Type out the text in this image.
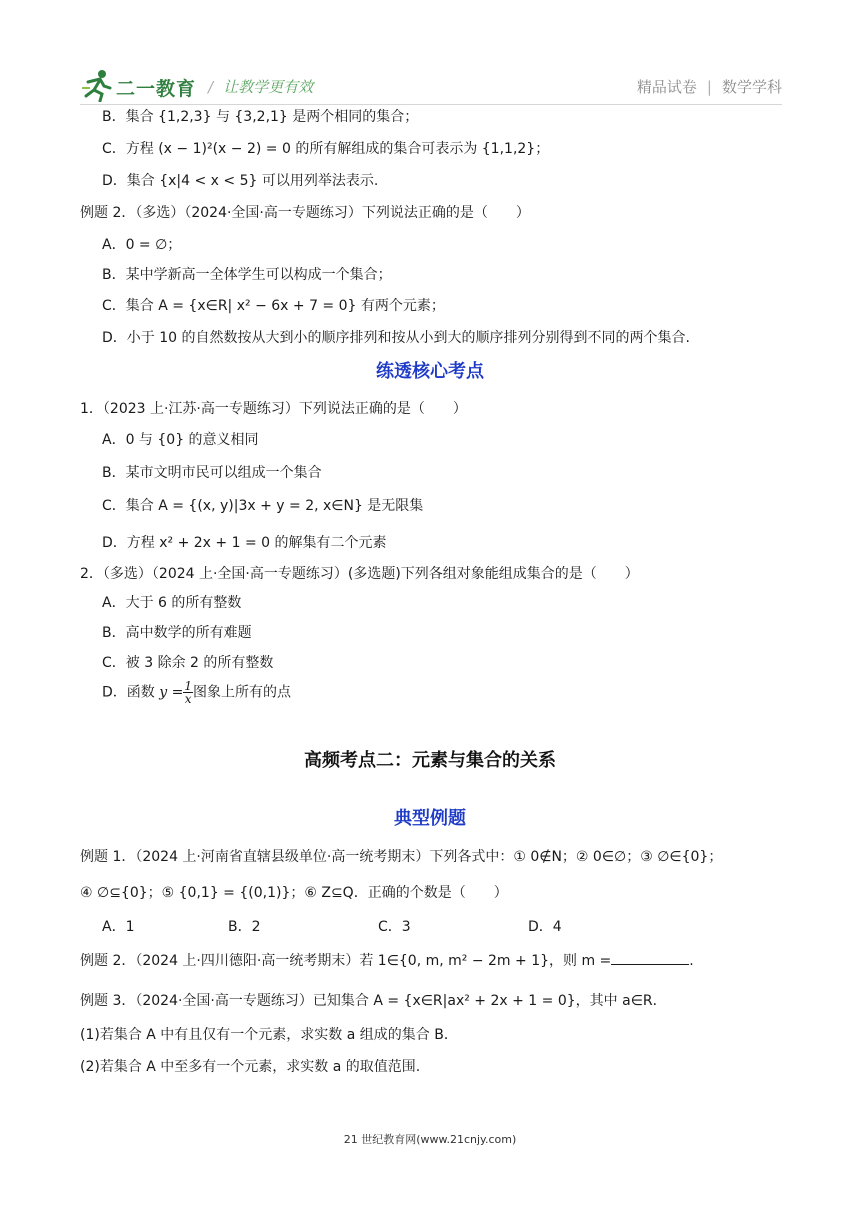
二一教育 / 让教学更有效	精品试卷 | 数学学科
B．集合 {1,2,3} 与 {3,2,1} 是两个相同的集合；
C．方程 (x − 1)²(x − 2) = 0 的所有解组成的集合可表示为 {1,1,2}；
D．集合 {x|4 < x < 5} 可以用列举法表示.
例题 2．（多选）（2024·全国·高一专题练习）下列说法正确的是（　　）
A．0 = ∅；
B．某中学新高一全体学生可以构成一个集合；
C．集合 A = {x∈R| x² − 6x + 7 = 0} 有两个元素；
D．小于 10 的自然数按从大到小的顺序排列和按从小到大的顺序排列分别得到不同的两个集合.
练透核心考点
1．（2023 上·江苏·高一专题练习）下列说法正确的是（　　）
A．0 与 {0} 的意义相同
B．某市文明市民可以组成一个集合
C．集合 A = {(x, y)|3x + y = 2, x∈N} 是无限集
D．方程 x² + 2x + 1 = 0 的解集有二个元素
2．（多选）（2024 上·全国·高一专题练习）(多选题)下列各组对象能组成集合的是（　　）
A．大于 6 的所有整数
B．高中数学的所有难题
C．被 3 除余 2 的所有整数
D．函数 $y = \frac{1}{x}$ 图象上所有的点
高频考点二：元素与集合的关系
典型例题
例题 1．（2024 上·河南省直辖县级单位·高一统考期末）下列各式中：① 0∉N；② 0∈∅；③ ∅∈{0}；
④ ∅⊆{0}；⑤ {0,1} = {(0,1)}；⑥ Z⊆Q．正确的个数是（　　）
A．1	B．2	C．3	D．4
例题 2．（2024 上·四川德阳·高一统考期末）若 1∈{0, m, m² − 2m + 1}，则 m =	.
例题 3．（2024·全国·高一专题练习）已知集合 A = {x∈R|ax² + 2x + 1 = 0}，其中 a∈R．
(1)若集合 A 中有且仅有一个元素，求实数 a 组成的集合 B．
(2)若集合 A 中至多有一个元素，求实数 a 的取值范围.
21 世纪教育网(www.21cnjy.com)
